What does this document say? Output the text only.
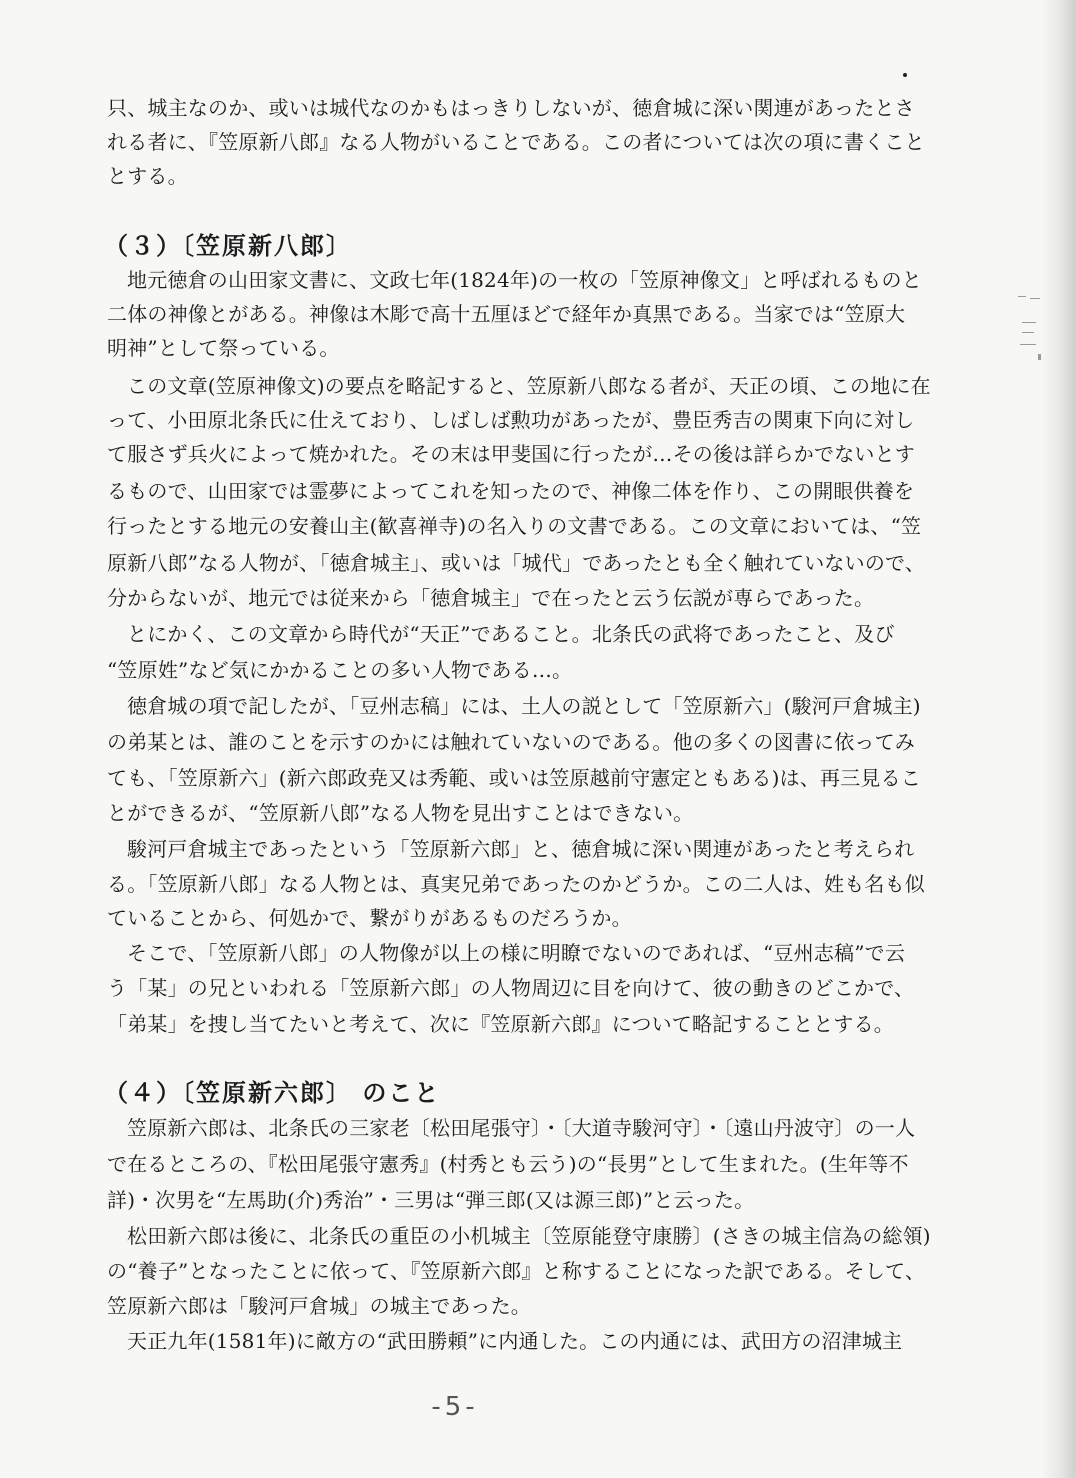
只、城主なのか、或いは城代なのかもはっきりしないが、徳倉城に深い関連があったとさ
れる者に、『笠原新八郎』なる人物がいることである。この者については次の項に書くこと
とする。
（３）〔笠原新八郎〕
地元徳倉の山田家文書に、文政七年(1824年)の一枚の「笠原神像文」と呼ばれるものと
二体の神像とがある。神像は木彫で高十五厘ほどで経年か真黒である。当家では“笠原大
明神”として祭っている。
この文章(笠原神像文)の要点を略記すると、笠原新八郎なる者が、天正の頃、この地に在
って、小田原北条氏に仕えており、しばしば勲功があったが、豊臣秀吉の関東下向に対し
て服さず兵火によって焼かれた。その末は甲斐国に行ったが…その後は詳らかでないとす
るもので、山田家では霊夢によってこれを知ったので、神像二体を作り、この開眼供養を
行ったとする地元の安養山主(歓喜禅寺)の名入りの文書である。この文章においては、“笠
原新八郎”なる人物が、「徳倉城主」、或いは「城代」であったとも全く触れていないので、
分からないが、地元では従来から「徳倉城主」で在ったと云う伝説が専らであった。
とにかく、この文章から時代が“天正”であること。北条氏の武将であったこと、及び
“笠原姓”など気にかかることの多い人物である…。
徳倉城の項で記したが、「豆州志稿」には、土人の説として「笠原新六」(駿河戸倉城主)
の弟某とは、誰のことを示すのかには触れていないのである。他の多くの図書に依ってみ
ても、「笠原新六」(新六郎政尭又は秀範、或いは笠原越前守憲定ともある)は、再三見るこ
とができるが、“笠原新八郎”なる人物を見出すことはできない。
駿河戸倉城主であったという「笠原新六郎」と、徳倉城に深い関連があったと考えられ
る。「笠原新八郎」なる人物とは、真実兄弟であったのかどうか。この二人は、姓も名も似
ていることから、何処かで、繋がりがあるものだろうか。
そこで、「笠原新八郎」の人物像が以上の様に明瞭でないのであれば、“豆州志稿”で云
う「某」の兄といわれる「笠原新六郎」の人物周辺に目を向けて、彼の動きのどこかで、
「弟某」を捜し当てたいと考えて、次に『笠原新六郎』について略記することとする。
（４）〔笠原新六郎〕 のこと
笠原新六郎は、北条氏の三家老〔松田尾張守〕・〔大道寺駿河守〕・〔遠山丹波守〕の一人
で在るところの、『松田尾張守憲秀』(村秀とも云う)の“長男”として生まれた。(生年等不
詳)・次男を“左馬助(介)秀治”・三男は“弾三郎(又は源三郎)”と云った。
松田新六郎は後に、北条氏の重臣の小机城主〔笠原能登守康勝〕(さきの城主信為の総領)
の“養子”となったことに依って、『笠原新六郎』と称することになった訳である。そして、
笠原新六郎は「駿河戸倉城」の城主であった。
天正九年(1581年)に敵方の“武田勝頼”に内通した。この内通には、武田方の沼津城主
-5-
